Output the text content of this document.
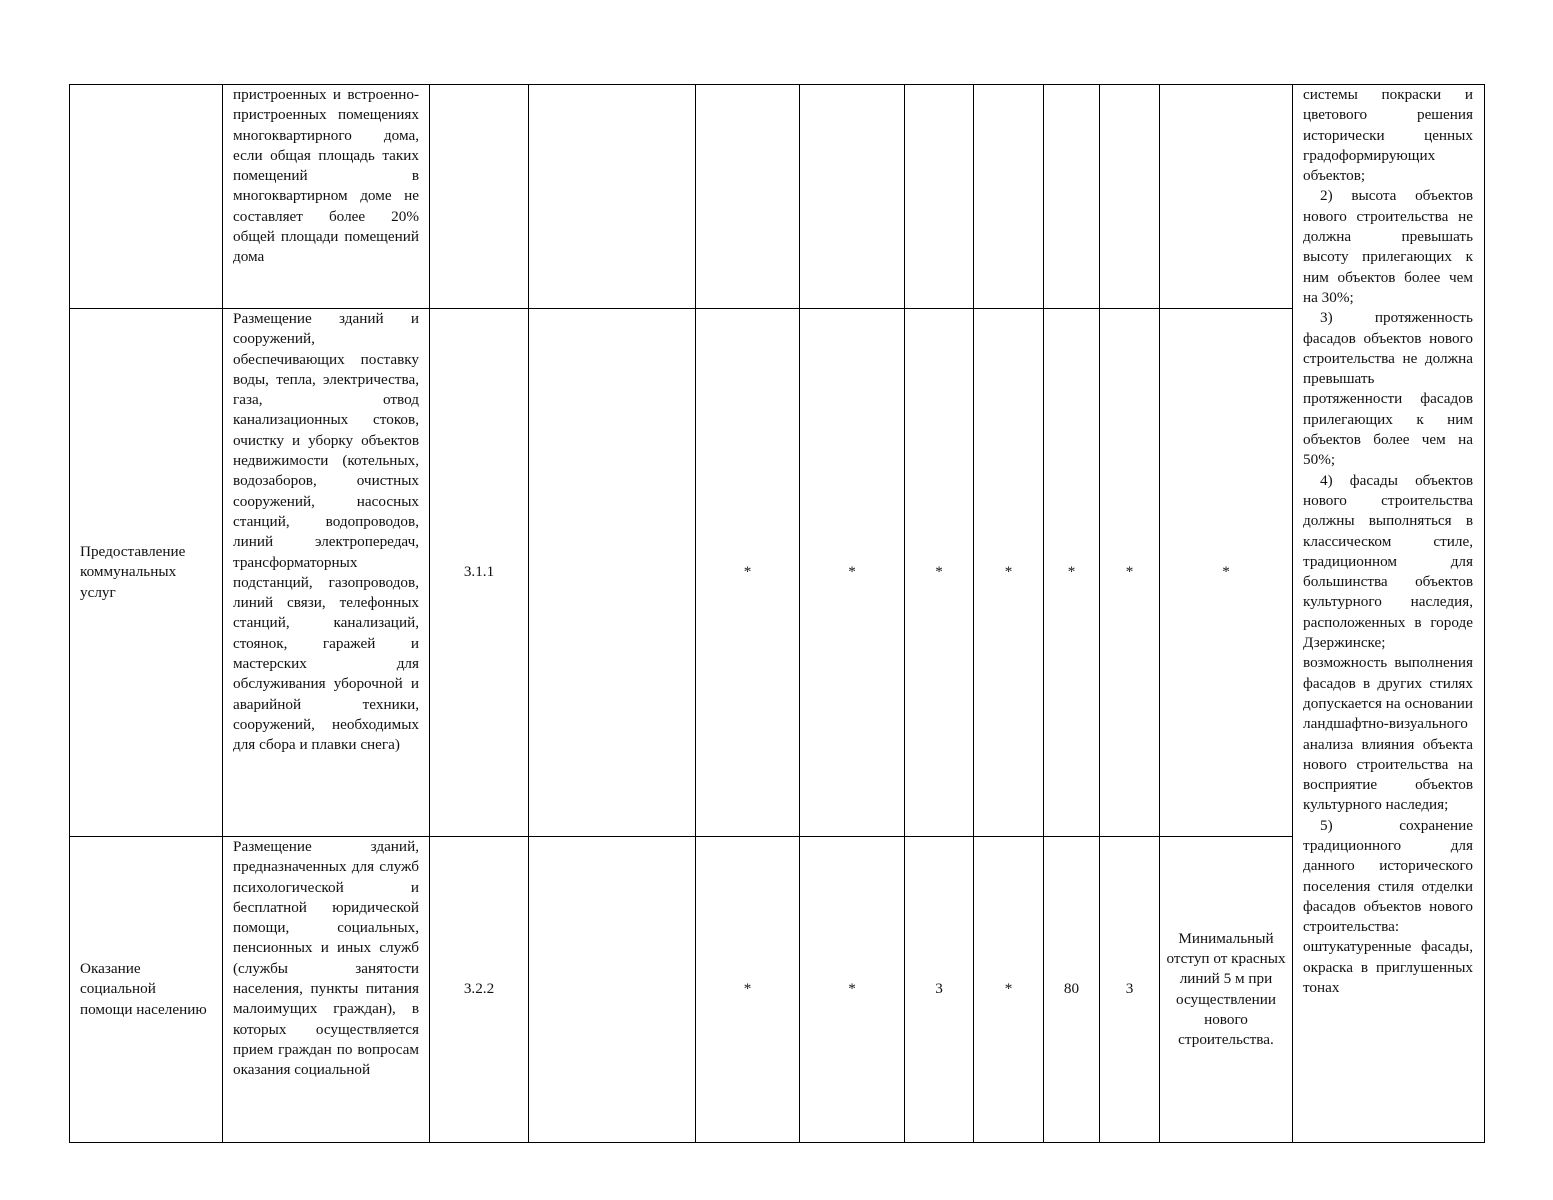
	пристроенных и встроенно-пристроенных помещениях многоквартирного дома, если общая площадь таких помещений в многоквартирном доме не составляет более 20% общей площади помещений дома										системы покраски и цветового решения исторически ценных градоформирующих объектов;

2) высота объектов нового строительства не должна превышать высоту прилегающих к ним объектов более чем на 30%;

3) протяженность фасадов объектов нового строительства не должна превышать протяженности фасадов прилегающих к ним объектов более чем на 50%;

4) фасады объектов нового строительства должны выполняться в классическом стиле, традиционном для большинства объектов культурного наследия, расположенных в городе Дзержинске; возможность выполнения фасадов в других стилях допускается на основании ландшафтно-визуального анализа влияния объекта нового строительства на восприятие объектов культурного наследия;

5) сохранение традиционного для данного исторического поселения стиля отделки фасадов объектов нового строительства: оштукатуренные фасады, окраска в приглушенных тонах

Предоставление коммунальных услуг	Размещение зданий и сооружений, обеспечивающих поставку воды, тепла, электричества, газа, отвод канализационных стоков, очистку и уборку объектов недвижимости (котельных, водозаборов, очистных сооружений, насосных станций, водопроводов, линий электропередач, трансформаторных подстанций, газопроводов, линий связи, телефонных станций, канализаций, стоянок, гаражей и мастерских для обслуживания уборочной и аварийной техники, сооружений, необходимых для сбора и плавки снега)	3.1.1		*	*	*	*	*	*	*	

Оказание социальной помощи населению	Размещение зданий, предназначенных для служб психологической и бесплатной юридической помощи, социальных, пенсионных и иных служб (службы занятости населения, пункты питания малоимущих граждан), в которых осуществляется прием граждан по вопросам оказания социальной	3.2.2		*	*	3	*	80	3	Минимальный отступ от красных линий 5 м при осуществлении нового строительства.	
